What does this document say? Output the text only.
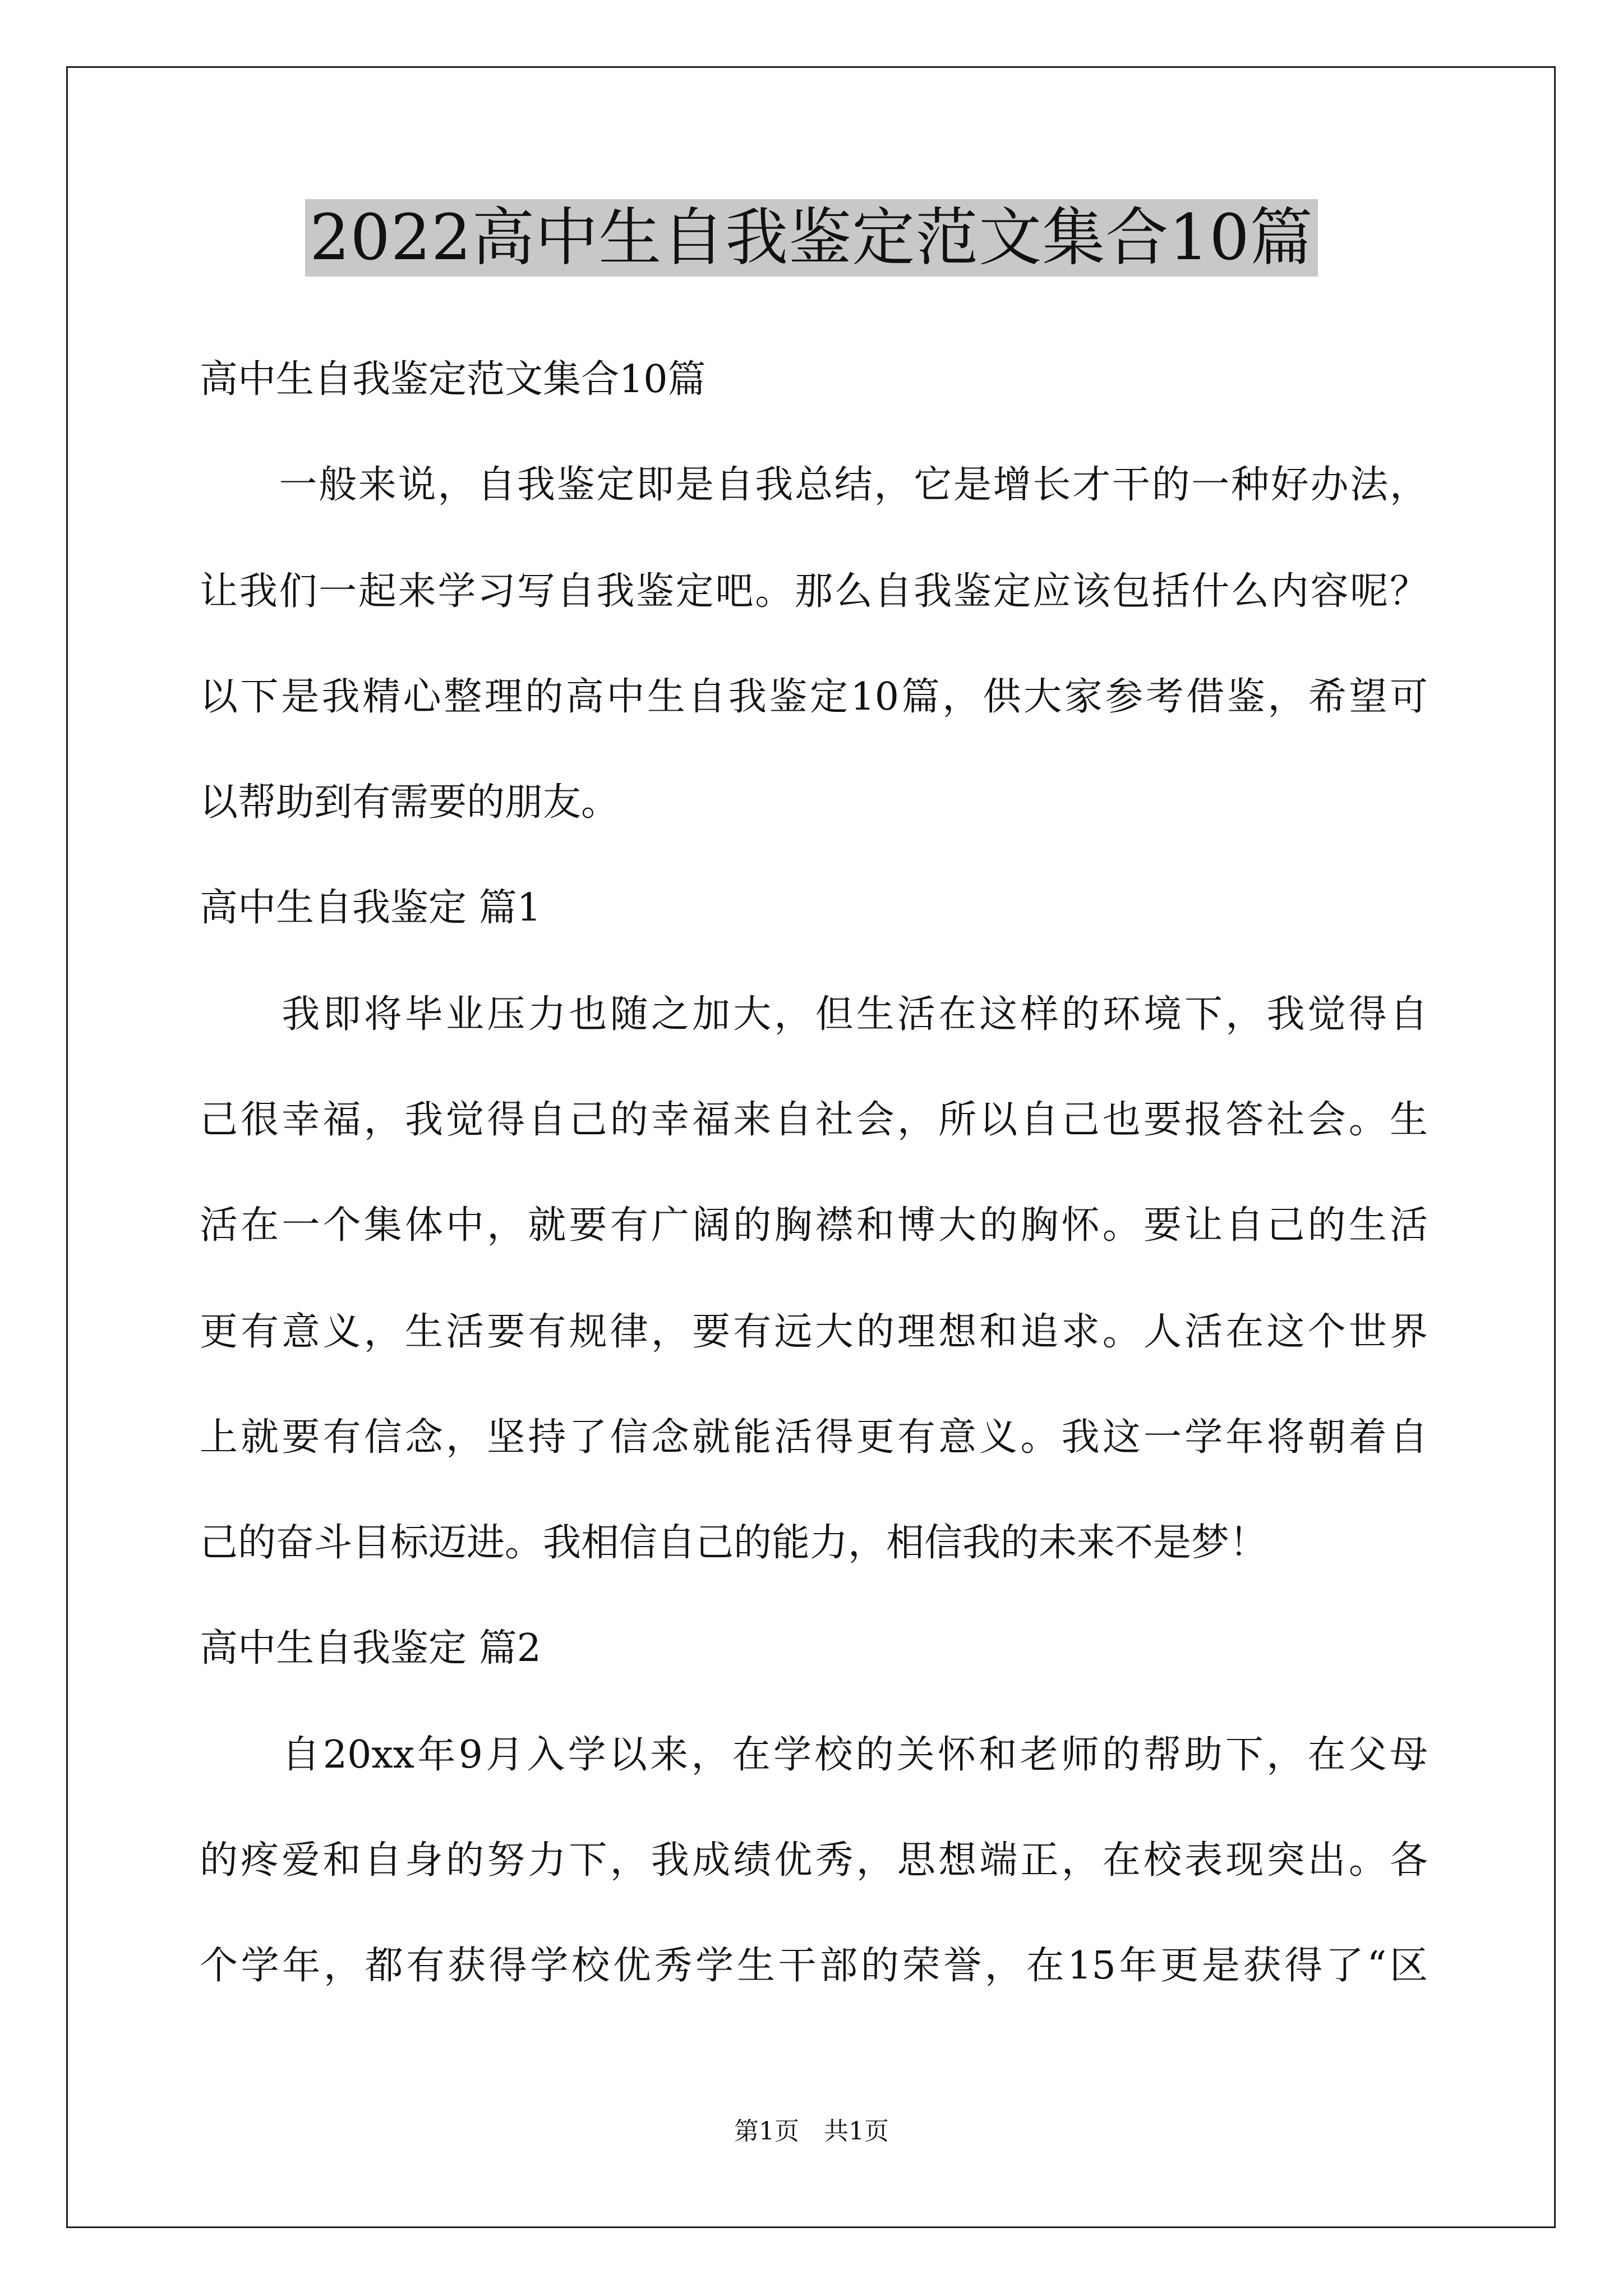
2022高中生自我鉴定范文集合10篇
高中生自我鉴定范文集合10篇
　　一般来说，自我鉴定即是自我总结，它是增长才干的一种好办法，
让我们一起来学习写自我鉴定吧。那么自我鉴定应该包括什么内容呢？
以下是我精心整理的高中生自我鉴定10篇，供大家参考借鉴，希望可
以帮助到有需要的朋友。
高中生自我鉴定 篇1
　　我即将毕业压力也随之加大，但生活在这样的环境下，我觉得自
己很幸福，我觉得自己的幸福来自社会，所以自己也要报答社会。生
活在一个集体中，就要有广阔的胸襟和博大的胸怀。要让自己的生活
更有意义，生活要有规律，要有远大的理想和追求。人活在这个世界
上就要有信念，坚持了信念就能活得更有意义。我这一学年将朝着自
己的奋斗目标迈进。我相信自己的能力，相信我的未来不是梦！
高中生自我鉴定 篇2
　　自20xx年9月入学以来，在学校的关怀和老师的帮助下，在父母
的疼爱和自身的努力下，我成绩优秀，思想端正，在校表现突出。各
个学年，都有获得学校优秀学生干部的荣誉，在15年更是获得了“区
第1页　共1页
